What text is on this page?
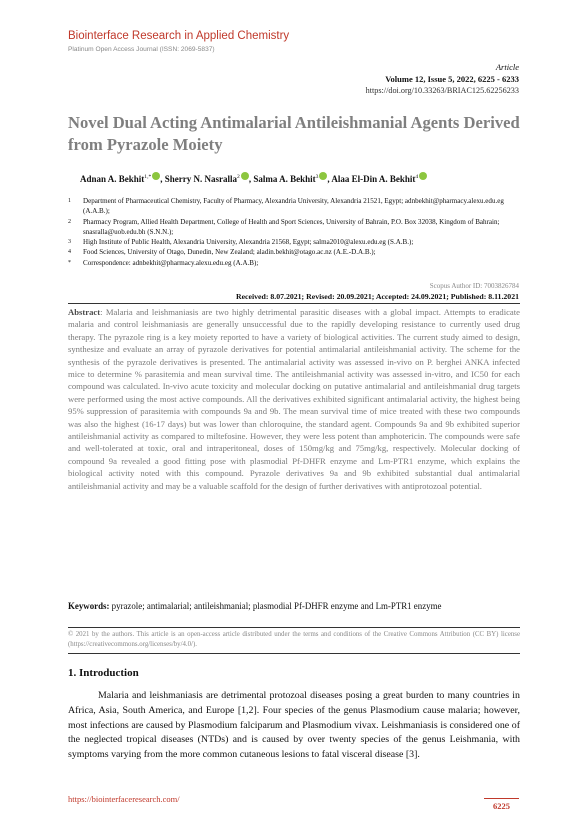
Biointerface Research in Applied Chemistry
Platinum Open Access Journal (ISSN: 2069-5837)
Article
Volume 12, Issue 5, 2022, 6225 - 6233
https://doi.org/10.33263/BRIAC125.62256233
Novel Dual Acting Antimalarial Antileishmanial Agents Derived from Pyrazole Moiety
Adnan A. Bekhit$^{1,*}$ , Sherry N. Nasralla$^2$ , Salma A. Bekhit$^3$ , Alaa El-Din A. Bekhit$^4$
1	Department of Pharmaceutical Chemistry, Faculty of Pharmacy, Alexandria University, Alexandria 21521, Egypt; adnbekhit@pharmacy.alexu.edu.eg (A.A.B.);
2	Pharmacy Program, Allied Health Department, College of Health and Sport Sciences, University of Bahrain, P.O. Box 32038, Kingdom of Bahrain; snasralla@uob.edu.bh (S.N.N.);
3	High Institute of Public Health, Alexandria University, Alexandria 21568, Egypt; salma2010@alexu.edu.eg (S.A.B.);
4	Food Sciences, University of Otago, Dunedin, New Zealand; aladin.bekhit@otago.ac.nz (A.E.-D.A.B.);
*	Correspondence: adnbekhit@pharmacy.alexu.edu.eg (A.A.B);
Scopus Author ID: 7003826784
Received: 8.07.2021; Revised: 20.09.2021; Accepted: 24.09.2021; Published: 8.11.2021
Abstract: Malaria and leishmaniasis are two highly detrimental parasitic diseases with a global impact. Attempts to eradicate malaria and control leishmaniasis are generally unsuccessful due to the rapidly developing resistance to currently used drug therapy. The pyrazole ring is a key moiety reported to have a variety of biological activities. The current study aimed to design, synthesize and evaluate an array of pyrazole derivatives for potential antimalarial antileishmanial activity. The scheme for the synthesis of the pyrazole derivatives is presented. The antimalarial activity was assessed in-vivo on P. berghei ANKA infected mice to determine % parasitemia and mean survival time. The antileishmanial activity was assessed in-vitro, and IC50 for each compound was calculated. In-vivo acute toxicity and molecular docking on putative antimalarial and antileishmanial drug targets were performed using the most active compounds. All the derivatives exhibited significant antimalarial activity, the highest being 95% suppression of parasitemia with compounds 9a and 9b. The mean survival time of mice treated with these two compounds was also the highest (16-17 days) but was lower than chloroquine, the standard agent. Compounds 9a and 9b exhibited superior antileishmanial activity as compared to miltefosine. However, they were less potent than amphotericin. The compounds were safe and well-tolerated at toxic, oral and intraperitoneal, doses of 150mg/kg and 75mg/kg, respectively. Molecular docking of compound 9a revealed a good fitting pose with plasmodial Pf-DHFR enzyme and Lm-PTR1 enzyme, which explains the biological activity noted with this compound. Pyrazole derivatives 9a and 9b exhibited substantial dual antimalarial antileishmanial activity and may be a valuable scaffold for the design of further derivatives with antiprotozoal potential.
Keywords: pyrazole; antimalarial; antileishmanial; plasmodial Pf-DHFR enzyme and Lm-PTR1 enzyme
© 2021 by the authors. This article is an open-access article distributed under the terms and conditions of the Creative Commons Attribution (CC BY) license (https://creativecommons.org/licenses/by/4.0/).
1. Introduction
Malaria and leishmaniasis are detrimental protozoal diseases posing a great burden to many countries in Africa, Asia, South America, and Europe [1,2]. Four species of the genus Plasmodium cause malaria; however, most infections are caused by Plasmodium falciparum and Plasmodium vivax. Leishmaniasis is considered one of the neglected tropical diseases (NTDs) and is caused by over twenty species of the genus Leishmania, with symptoms varying from the more common cutaneous lesions to fatal visceral disease [3].
https://biointerfaceresearch.com/
6225
